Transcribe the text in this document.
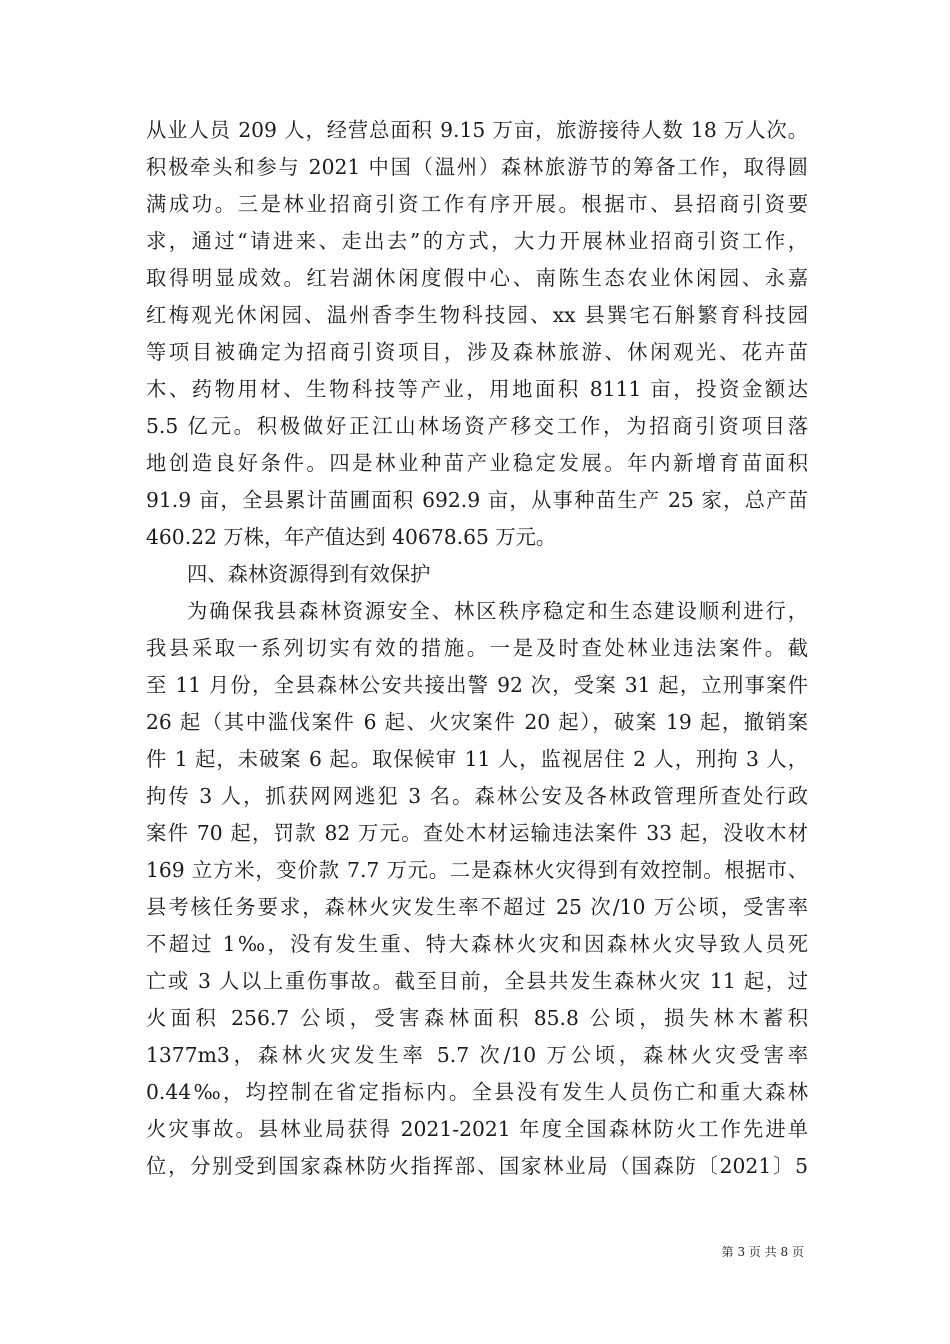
从业人员 209 人，经营总面积 9.15 万亩，旅游接待人数 18 万人次。
积极牵头和参与 2021 中国（温州）森林旅游节的筹备工作，取得圆
满成功。三是林业招商引资工作有序开展。根据市、县招商引资要
求，通过“请进来、走出去”的方式，大力开展林业招商引资工作，
取得明显成效。红岩湖休闲度假中心、南陈生态农业休闲园、永嘉
红梅观光休闲园、温州香李生物科技园、xx 县巽宅石斛繁育科技园
等项目被确定为招商引资项目，涉及森林旅游、休闲观光、花卉苗
木、药物用材、生物科技等产业，用地面积 8111 亩，投资金额达
5.5 亿元。积极做好正江山林场资产移交工作，为招商引资项目落
地创造良好条件。四是林业种苗产业稳定发展。年内新增育苗面积
91.9 亩，全县累计苗圃面积 692.9 亩，从事种苗生产 25 家，总产苗
460.22 万株，年产值达到 40678.65 万元。
四、森林资源得到有效保护
为确保我县森林资源安全、林区秩序稳定和生态建设顺利进行，
我县采取一系列切实有效的措施。一是及时查处林业违法案件。截
至 11 月份，全县森林公安共接出警 92 次，受案 31 起，立刑事案件
26 起（其中滥伐案件 6 起、火灾案件 20 起），破案 19 起，撤销案
件 1 起，未破案 6 起。取保候审 11 人，监视居住 2 人，刑拘 3 人，
拘传 3 人，抓获网网逃犯 3 名。森林公安及各林政管理所查处行政
案件 70 起，罚款 82 万元。查处木材运输违法案件 33 起，没收木材
169 立方米，变价款 7.7 万元。二是森林火灾得到有效控制。根据市、
县考核任务要求，森林火灾发生率不超过 25 次/10 万公顷，受害率
不超过 1‰，没有发生重、特大森林火灾和因森林火灾导致人员死
亡或 3 人以上重伤事故。截至目前，全县共发生森林火灾 11 起，过
火面积 256.7 公顷，受害森林面积 85.8 公顷，损失林木蓄积
1377m3，森林火灾发生率 5.7 次/10 万公顷，森林火灾受害率
0.44‰，均控制在省定指标内。全县没有发生人员伤亡和重大森林
火灾事故。县林业局获得 2021-2021 年度全国森林防火工作先进单
位，分别受到国家森林防火指挥部、国家林业局（国森防〔2021〕5
第 3 页 共 8 页
